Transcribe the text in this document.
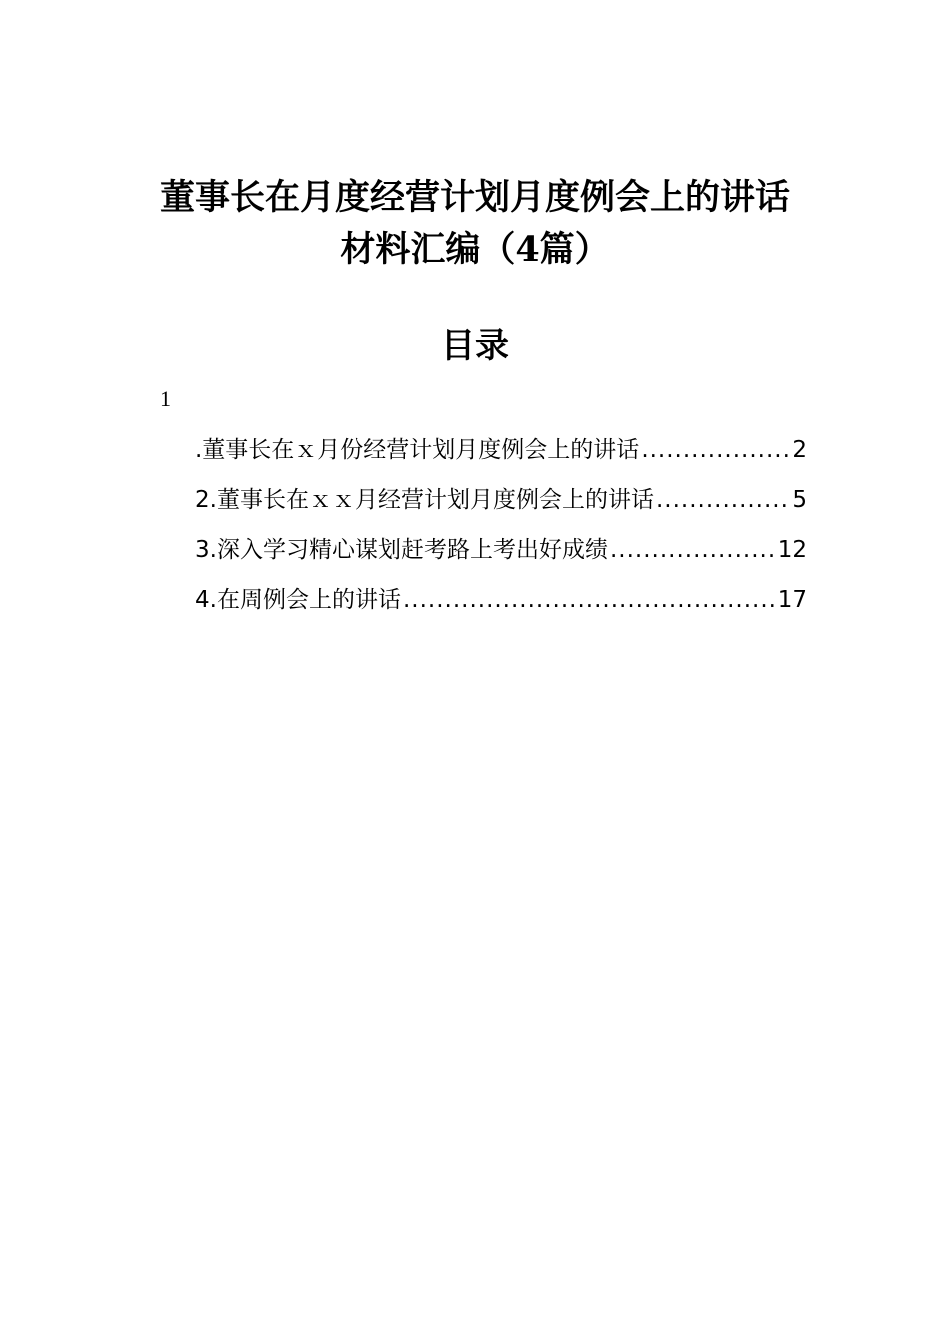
董事长在月度经营计划月度例会上的讲话
材料汇编（4篇）
目录
1
.董事长在ｘ月份经营计划月度例会上的讲话 .....	2
2.董事长在ｘｘ月经营计划月度例会上的讲话 .....	5
3.深入学习精心谋划赶考路上考出好成绩 .....	12
4.在周例会上的讲话 .....	17
